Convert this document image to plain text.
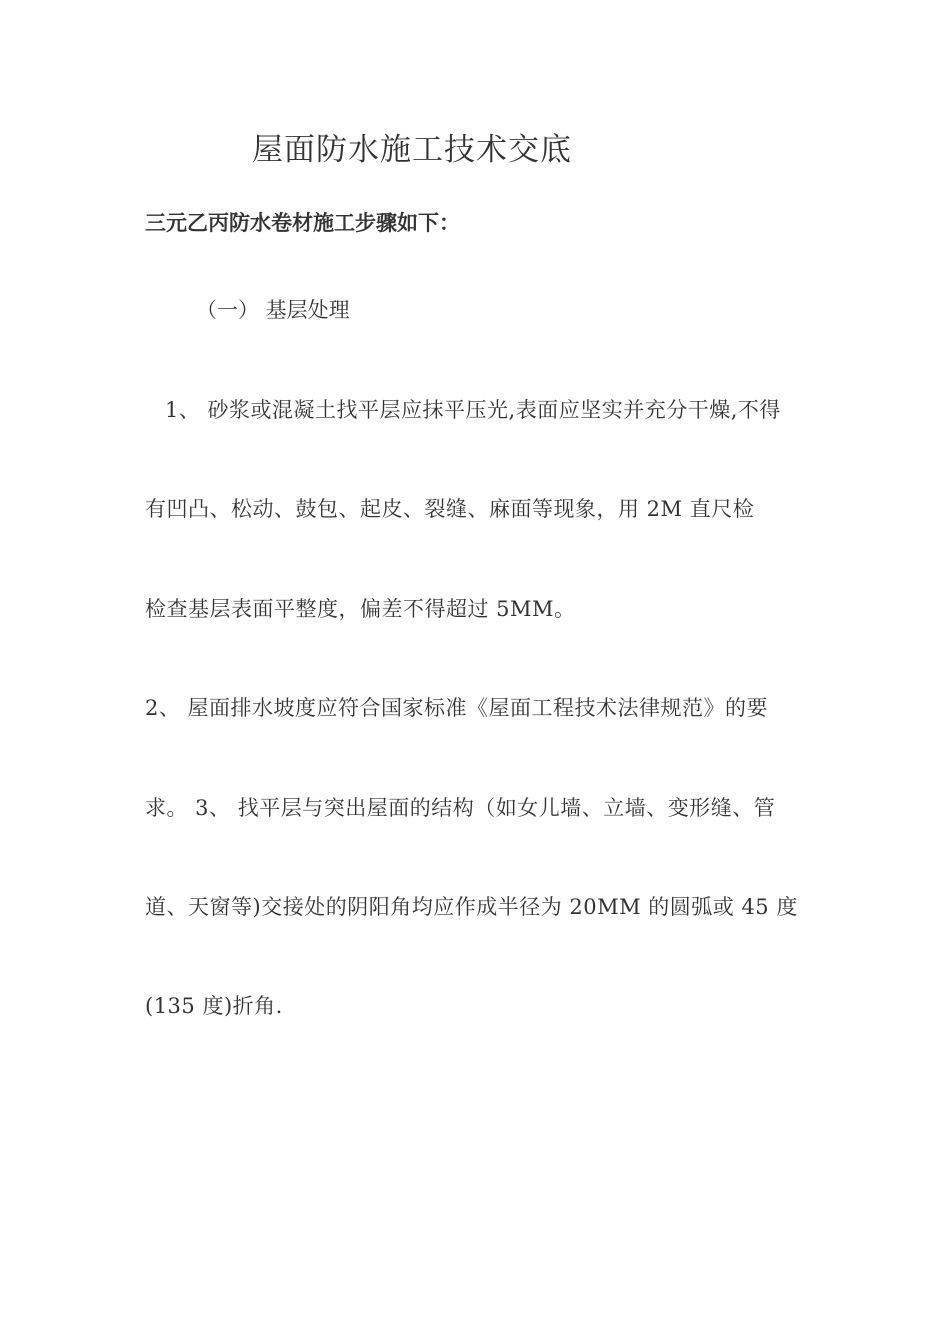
屋面防水施工技术交底
三元乙丙防水卷材施工步骤如下：
（一） 基层处理
1、 砂浆或混凝土找平层应抹平压光,表面应坚实并充分干燥,不得
有凹凸、松动、鼓包、起皮、裂缝、麻面等现象，用 2M 直尺检
检查基层表面平整度，偏差不得超过 5MM。
2、 屋面排水坡度应符合国家标准《屋面工程技术法律规范》的要
求。 3、 找平层与突出屋面的结构（如女儿墙、立墙、变形缝、管
道、天窗等)交接处的阴阳角均应作成半径为 20MM 的圆弧或 45 度
(135 度)折角.
